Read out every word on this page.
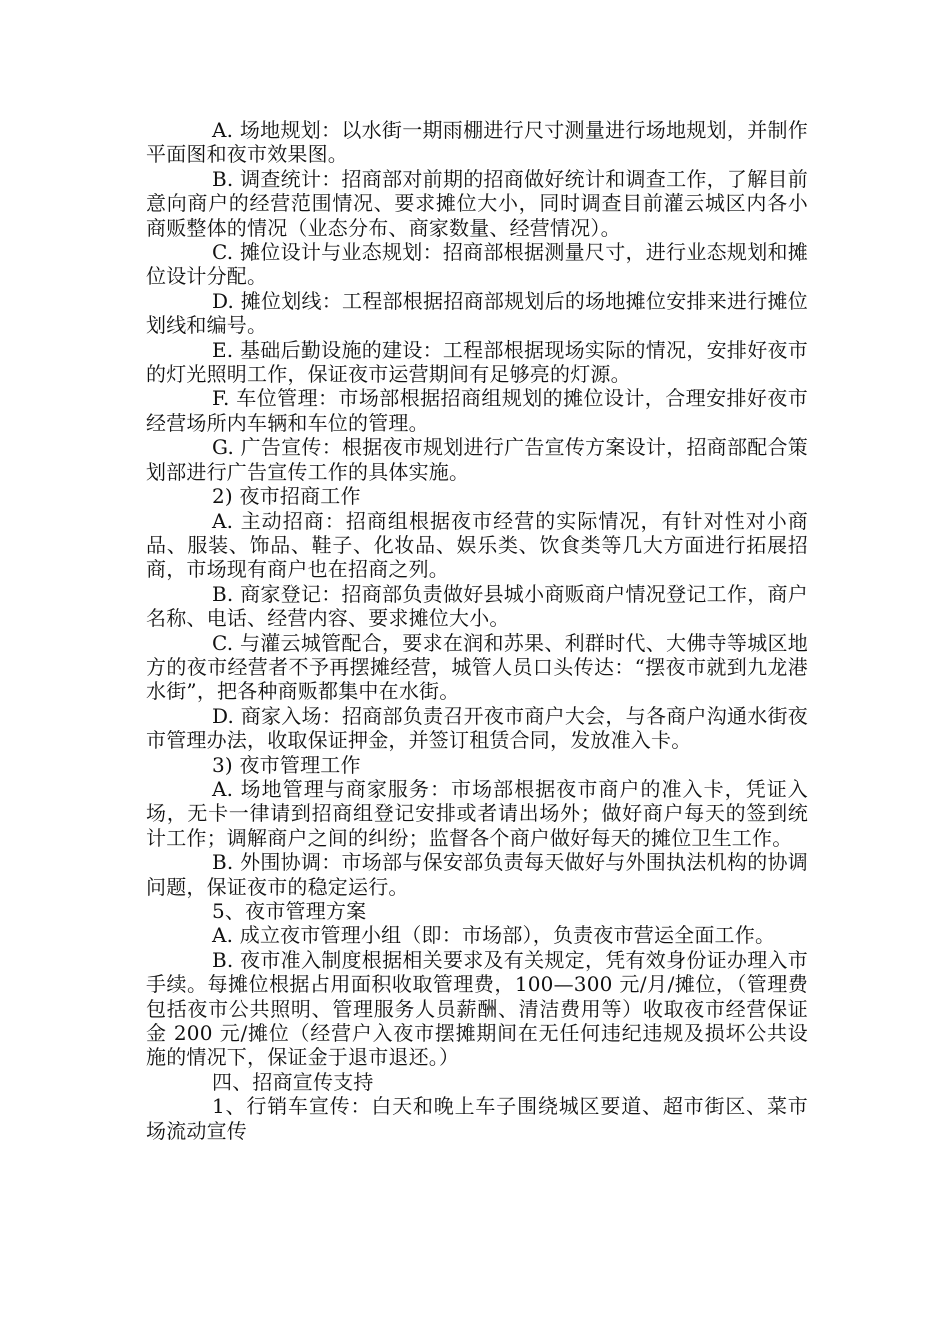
A. 场地规划：以水街一期雨棚进行尺寸测量进行场地规划，并制作平面图和夜市效果图。

B. 调查统计：招商部对前期的招商做好统计和调查工作，了解目前意向商户的经营范围情况、要求摊位大小，同时调查目前灌云城区内各小商贩整体的情况（业态分布、商家数量、经营情况）。

C. 摊位设计与业态规划：招商部根据测量尺寸，进行业态规划和摊位设计分配。

D. 摊位划线：工程部根据招商部规划后的场地摊位安排来进行摊位划线和编号。

E. 基础后勤设施的建设：工程部根据现场实际的情况，安排好夜市的灯光照明工作，保证夜市运营期间有足够亮的灯源。

F. 车位管理：市场部根据招商组规划的摊位设计，合理安排好夜市经营场所内车辆和车位的管理。

G. 广告宣传：根据夜市规划进行广告宣传方案设计，招商部配合策划部进行广告宣传工作的具体实施。

2) 夜市招商工作

A. 主动招商：招商组根据夜市经营的实际情况，有针对性对小商品、服装、饰品、鞋子、化妆品、娱乐类、饮食类等几大方面进行拓展招商，市场现有商户也在招商之列。

B. 商家登记：招商部负责做好县城小商贩商户情况登记工作，商户名称、电话、经营内容、要求摊位大小。

C. 与灌云城管配合，要求在润和苏果、利群时代、大佛寺等城区地方的夜市经营者不予再摆摊经营，城管人员口头传达：“摆夜市就到九龙港水街”，把各种商贩都集中在水街。

D. 商家入场：招商部负责召开夜市商户大会，与各商户沟通水街夜市管理办法，收取保证押金，并签订租赁合同，发放准入卡。

3) 夜市管理工作

A. 场地管理与商家服务：市场部根据夜市商户的准入卡，凭证入场，无卡一律请到招商组登记安排或者请出场外；做好商户每天的签到统计工作；调解商户之间的纠纷；监督各个商户做好每天的摊位卫生工作。

B. 外围协调：市场部与保安部负责每天做好与外围执法机构的协调问题，保证夜市的稳定运行。

5、夜市管理方案

A. 成立夜市管理小组（即：市场部），负责夜市营运全面工作。

B. 夜市准入制度根据相关要求及有关规定，凭有效身份证办理入市手续。每摊位根据占用面积收取管理费，100—300 元/月/摊位，（管理费包括夜市公共照明、管理服务人员薪酬、清洁费用等）收取夜市经营保证金 200 元/摊位（经营户入夜市摆摊期间在无任何违纪违规及损坏公共设施的情况下，保证金于退市退还。）

四、招商宣传支持

1、行销车宣传：白天和晚上车子围绕城区要道、超市街区、菜市场流动宣传
